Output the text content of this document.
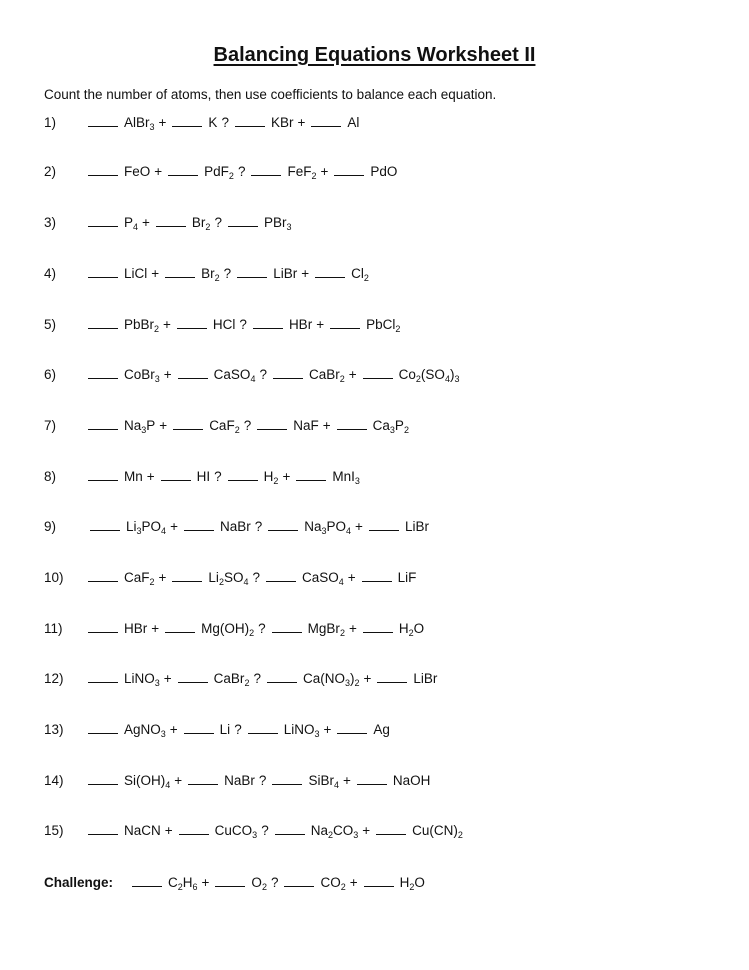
Balancing Equations Worksheet II
Count the number of atoms, then use coefficients to balance each equation.
1)	AlBr$_3$ +	K ?	KBr +	Al
2)	FeO +	PdF$_2$ ?	FeF$_2$ +	PdO
3)	$P_4$ +	$Br_2$ ?	PBr$_3$
4)	LiCl +	$Br_2$ ?	LiBr +	$Cl_2$
5)	PbBr$_2$ +	HCl ?	HBr +	PbCl$_2$
6)	CoBr$_3$ +	CaSO$_4$ ?	CaBr$_2$ +	$Co_2(SO_4)_3$
7)	$Na_3P$ +	CaF$_2$ ?	NaF +	$Ca_3P_2$
8)	Mn +	HI ?	$H_2$ +	MnI$_3$
9)	$Li_3PO_4$ +	NaBr ?	$Na_3PO_4$ +	LiBr
10)	CaF$_2$ +	$Li_2SO_4$ ?	CaSO$_4$ +	LiF
11)	HBr +	$Mg(OH)_2$ ?	MgBr$_2$ +	$H_2O$
12)	LiNO$_3$ +	CaBr$_2$ ?	$Ca(NO_3)_2$ +	LiBr
13)	AgNO$_3$ +	Li ?	LiNO$_3$ +	Ag
14)	$Si(OH)_4$ +	NaBr ?	SiBr$_4$ +	NaOH
15)	NaCN +	CuCO$_3$ ?	$Na_2CO_3$ +	$Cu(CN)_2$
Challenge:	$C_2H_6$ +	$O_2$ ?	$CO_2$ +	$H_2O$
